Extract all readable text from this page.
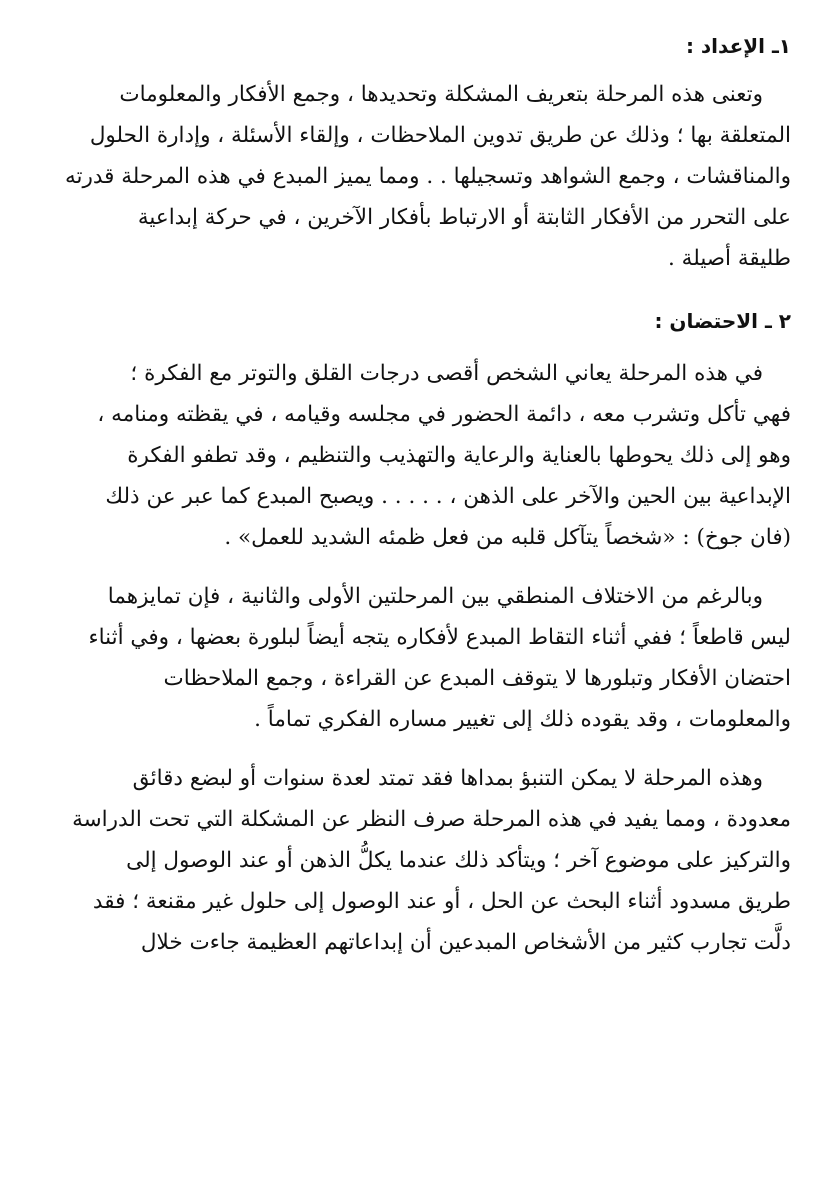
١ـ الإعداد :

وتعنى هذه المرحلة بتعريف المشكلة وتحديدها ، وجمع الأفكار والمعلومات
المتعلقة بها ؛ وذلك عن طريق تدوين الملاحظات ، وإلقاء الأسئلة ، وإدارة الحلول
والمناقشات ، وجمع الشواهد وتسجيلها . . ومما يميز المبدع في هذه المرحلة قدرته
على التحرر من الأفكار الثابتة أو الارتباط بأفكار الآخرين ، في حركة إبداعية
طليقة أصيلة .

٢ ـ الاحتضان :

في هذه المرحلة يعاني الشخص أقصى درجات القلق والتوتر مع الفكرة ؛
فهي تأكل وتشرب معه ، دائمة الحضور في مجلسه وقيامه ، في يقظته ومنامه ،
وهو إلى ذلك يحوطها بالعناية والرعاية والتهذيب والتنظيم ، وقد تطفو الفكرة
الإبداعية بين الحين والآخر على الذهن ، . . . . . ويصبح المبدع كما عبر عن ذلك
(فان جوخ) : «شخصاً يتآكل قلبه من فعل ظمئه الشديد للعمل» .

وبالرغم من الاختلاف المنطقي بين المرحلتين الأولى والثانية ، فإن تمايزهما
ليس قاطعاً ؛ ففي أثناء التقاط المبدع لأفكاره يتجه أيضاً لبلورة بعضها ، وفي أثناء
احتضان الأفكار وتبلورها لا يتوقف المبدع عن القراءة ، وجمع الملاحظات
والمعلومات ، وقد يقوده ذلك إلى تغيير مساره الفكري تماماً .

وهذه المرحلة لا يمكن التنبؤ بمداها فقد تمتد لعدة سنوات أو لبضع دقائق
معدودة ، ومما يفيد في هذه المرحلة صرف النظر عن المشكلة التي تحت الدراسة
والتركيز على موضوع آخر ؛ ويتأكد ذلك عندما يكلُّ الذهن أو عند الوصول إلى
طريق مسدود أثناء البحث عن الحل ، أو عند الوصول إلى حلول غير مقنعة ؛ فقد
دلَّت تجارب كثير من الأشخاص المبدعين أن إبداعاتهم العظيمة جاءت خلال
